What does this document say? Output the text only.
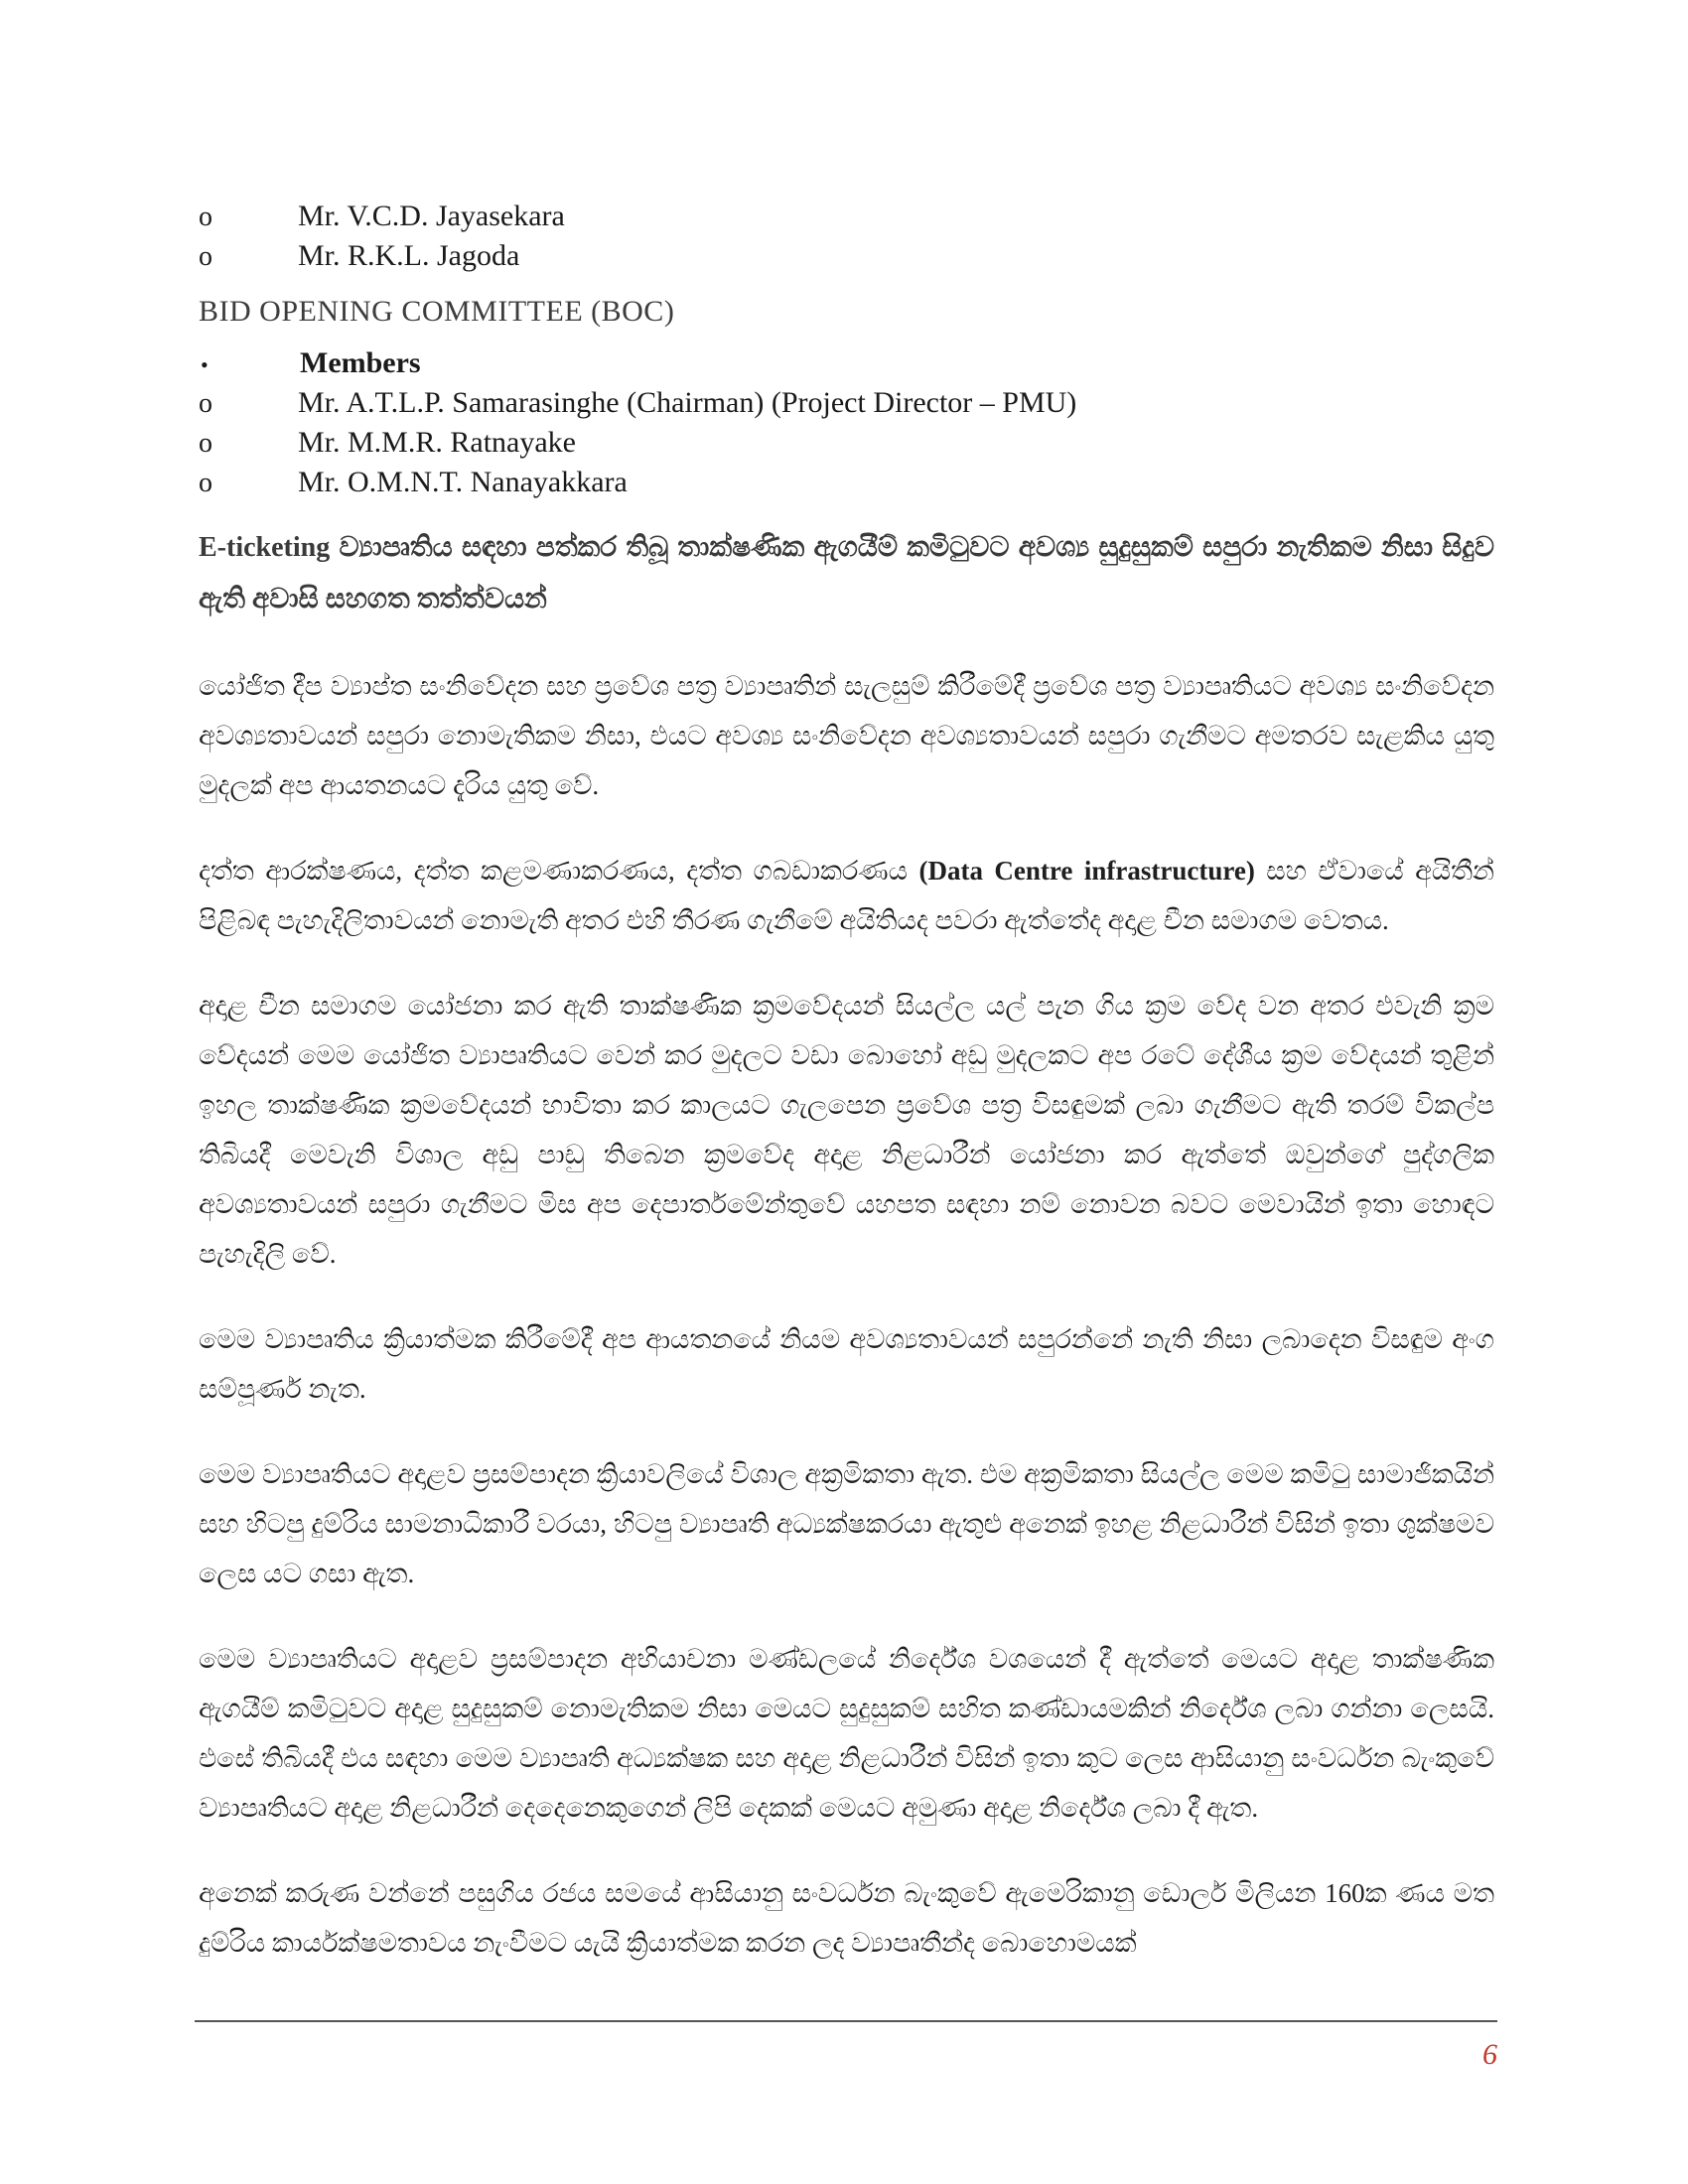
o	Mr. V.C.D. Jayasekara
o	Mr. R.K.L. Jagoda
BID OPENING COMMITTEE (BOC)
•	Members
o	Mr. A.T.L.P. Samarasinghe (Chairman) (Project Director – PMU)
o	Mr. M.M.R. Ratnayake
o	Mr. O.M.N.T. Nanayakkara
E-ticketing ව්‍යාපෘතිය සඳහා පත්කර තිබූ තාක්ෂණික ඇගයීම් කමිටුවට අවශ්‍ය සුදුසුකම් සපුරා නැතිකම නිසා සිදුව ඇති අවාසි සහගත තත්ත්වයන්
යෝජිත දීප ව්‍යාප්ත සංනිවේදන සහ ප්‍රවේශ පත්‍ර ව්‍යාපෘතින් සැලසුම් කිරීමේදී ප්‍රවේශ පත්‍ර ව්‍යාපෘතියට අවශ්‍ය සංනිවේදන අවශ්‍යතාවයන් සපුරා නොමැතිකම නිසා, එයට අවශ්‍ය සංනිවේදන අවශ්‍යතාවයන් සපුරා ගැනීමට අමතරව සැළකිය යුතු මුදලක් අප ආයතනයට දැරිය යුතු වේ.
දත්ත ආරක්ෂණය, දත්ත කළමණාකරණය, දත්ත ගබඩාකරණය (Data Centre infrastructure) සහ ඒවායේ අයිතීන් පිළිබඳ පැහැදිලිතාවයන් නොමැති අතර එහි තීරණ ගැනීමේ අයිතියද පවරා ඇත්තේද අදාළ චීන සමාගම වෙතය.
අදාළ චීන සමාගම යෝජනා කර ඇති තාක්ෂණික ක්‍රමවේදයන් සියල්ල යල් පැන ගිය ක්‍රම වේද වන අතර එවැනි ක්‍රම වේදයන් මෙම යෝජිත ව්‍යාපෘතියට වෙන් කර මුදලට වඩා බොහෝ අඩු මුදලකට අප රටේ දේශීය ක්‍රම වේදයන් තුළින් ඉහල තාක්ෂණික ක්‍රමවේදයන් භාවිතා කර කාලයට ගැලපෙන ප්‍රවේශ පත්‍ර විසඳුමක් ලබා ගැනීමට ඇති තරම් විකල්ප තිබියදී මෙවැනි විශාල අඩු පාඩු තිබෙන ක්‍රමවේද අදාළ නිළධාරීන් යෝජනා කර ඇත්තේ ඔවුන්ගේ පුද්ගලික අවශ්‍යතාවයන් සපුරා ගැනීමට මිස අප දෙපාර්තමේන්තුවේ යහපත සඳහා නම් නොවන බවට මෙවායින් ඉතා හොඳට පැහැදිලි වේ.
මෙම ව්‍යාපෘතිය ක්‍රියාත්මක කිරීමේදී අප ආයතනයේ නියම අවශ්‍යතාවයන් සපුරන්නේ නැති නිසා ලබාදෙන විසඳුම අංග සම්පූර්ණ නැත.
මෙම ව්‍යාපෘතියට අදාළව ප්‍රසම්පාදන ක්‍රියාවලියේ විශාල අක්‍රමිකතා ඇත. එම අක්‍රමිකතා සියල්ල මෙම කමිටු සාමාජිකයින් සහ හිටපු දුම්රිය සාමනාධිකාරී වරයා, හිටපු ව්‍යාපෘති අධ්‍යක්ෂකරයා ඇතුළු අනෙක් ඉහළ නිළධාරීන් විසින් ඉතා ශුක්ෂමව ලෙස යට ගසා ඇත.
මෙම ව්‍යාපෘතියට අදාළව ප්‍රසම්පාදන අභියාචනා මණ්ඩලයේ නිර්දේශ වශයෙන් දී ඇත්තේ මෙයට අදාළ තාක්ෂණික ඇගයීම් කමිටුවට අදාළ සුදුසුකම් නොමැතිකම නිසා මෙයට සුදුසුකම් සහිත කණ්ඩායමකින් නිර්දේශ ලබා ගන්නා ලෙසයි. එසේ තිබියදී එය සඳහා මෙම ව්‍යාපෘති අධ්‍යක්ෂක සහ අදාළ නිළධාරීන් විසින් ඉතා කුට ලෙස ආසියානු සංවර්ධන බැංකුවේ ව්‍යාපෘතියට අදාළ නිළධාරීන් දෙදෙනෙකුගෙන් ලිපි දෙකක් මෙයට අමුණා අදාළ නිර්දේශ ලබා දී ඇත.
අනෙක් කරුණ වන්නේ පසුගිය රජය සමයේ ආසියානු සංවර්ධන බැංකුවේ ඇමෙරිකානු ඩොලර් මිලියන 160ක ණය මත දුම්රිය කාර්යක්ෂමතාවය නැංවීමට යැයි ක්‍රියාත්මක කරන ලද ව්‍යාපෘතීන්ද බොහොමයක්
6
